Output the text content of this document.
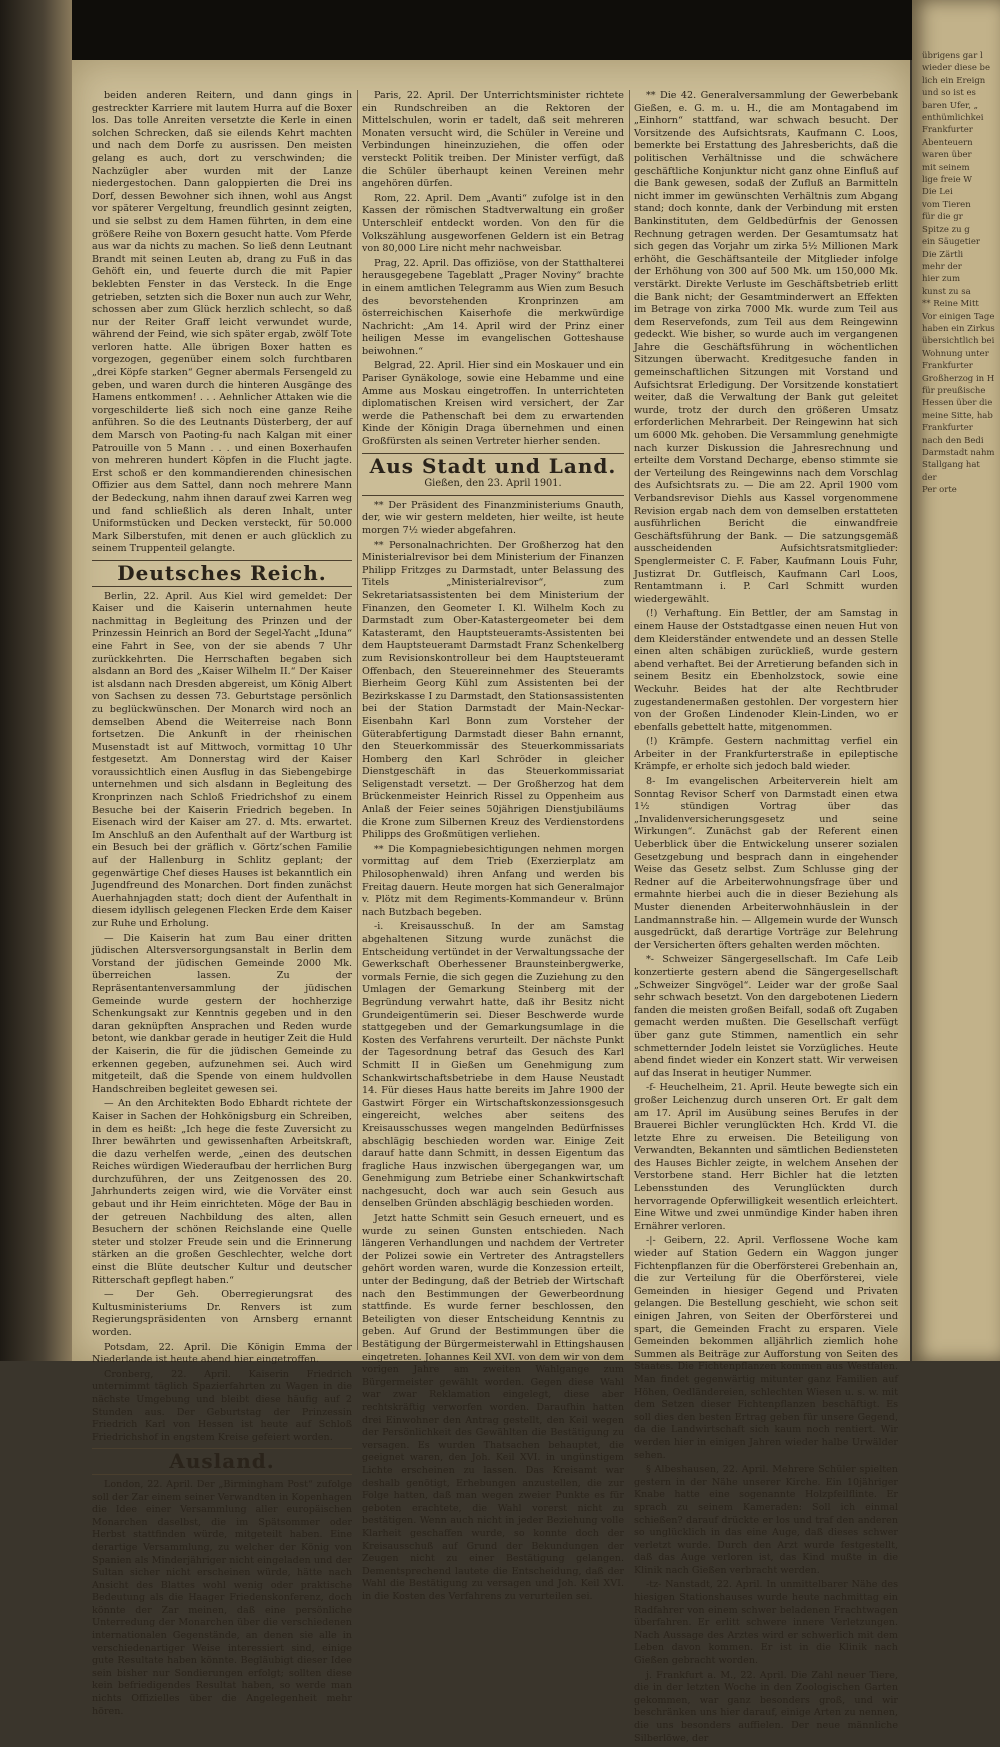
beiden anderen Reitern, und dann gings in gestreckter Karriere mit lautem Hurra auf die Boxer los. Das tolle Anreiten versetzte die Kerle in einen solchen Schrecken, daß sie eilends Kehrt machten und nach dem Dorfe zu ausrissen. Den meisten gelang es auch, dort zu verschwinden; die Nachzügler aber wurden mit der Lanze niedergestochen. Dann galoppierten die Drei ins Dorf, dessen Bewohner sich ihnen, wohl aus Angst vor späterer Vergeltung, freundlich gesinnt zeigten, und sie selbst zu dem Hamen führten, in dem eine größere Reihe von Boxern gesucht hatte. Vom Pferde aus war da nichts zu machen. So ließ denn Leutnant Brandt mit seinen Leuten ab, drang zu Fuß in das Gehöft ein, und feuerte durch die mit Papier beklebten Fenster in das Versteck. In die Enge getrieben, setzten sich die Boxer nun auch zur Wehr, schossen aber zum Glück herzlich schlecht, so daß nur der Reiter Graff leicht verwundet wurde, während der Feind, wie sich später ergab, zwölf Tote verloren hatte. Alle übrigen Boxer hatten es vorgezogen, gegenüber einem solch furchtbaren „drei Köpfe starken“ Gegner abermals Fersengeld zu geben, und waren durch die hinteren Ausgänge des Hamens entkommen! . . . Aehnlicher Attaken wie die vorgeschilderte ließ sich noch eine ganze Reihe anführen. So die des Leutnants Düsterberg, der auf dem Marsch von Paoting-fu nach Kalgan mit einer Patrouille von 5 Mann . . . und einen Boxerhaufen von mehreren hundert Köpfen in die Flucht jagte. Erst schoß er den kommandierenden chinesischen Offizier aus dem Sattel, dann noch mehrere Mann der Bedeckung, nahm ihnen darauf zwei Karren weg und fand schließlich als deren Inhalt, unter Uniformstücken und Decken versteckt, für 50.000 Mark Silberstufen, mit denen er auch glücklich zu seinem Truppenteil gelangte.

Deutsches Reich.

Berlin, 22. April. Aus Kiel wird gemeldet: Der Kaiser und die Kaiserin unternahmen heute nachmittag in Begleitung des Prinzen und der Prinzessin Heinrich an Bord der Segel-Yacht „Iduna“ eine Fahrt in See, von der sie abends 7 Uhr zurückkehrten. Die Herrschaften begaben sich alsdann an Bord des „Kaiser Wilhelm II.“ Der Kaiser ist alsdann nach Dresden abgereist, um König Albert von Sachsen zu dessen 73. Geburtstage persönlich zu beglückwünschen. Der Monarch wird noch an demselben Abend die Weiterreise nach Bonn fortsetzen. Die Ankunft in der rheinischen Musenstadt ist auf Mittwoch, vormittag 10 Uhr festgesetzt. Am Donnerstag wird der Kaiser voraussichtlich einen Ausflug in das Siebengebirge unternehmen und sich alsdann in Begleitung des Kronprinzen nach Schloß Friedrichshof zu einem Besuche bei der Kaiserin Friedrich begeben. In Eisenach wird der Kaiser am 27. d. Mts. erwartet. Im Anschluß an den Aufenthalt auf der Wartburg ist ein Besuch bei der gräflich v. Görtz’schen Familie auf der Hallenburg in Schlitz geplant; der gegenwärtige Chef dieses Hauses ist bekanntlich ein Jugendfreund des Monarchen. Dort finden zunächst Auerhahnjagden statt; doch dient der Aufenthalt in diesem idyllisch gelegenen Flecken Erde dem Kaiser zur Ruhe und Erholung.

— Die Kaiserin hat zum Bau einer dritten jüdischen Altersversorgungsanstalt in Berlin dem Vorstand der jüdischen Gemeinde 2000 Mk. überreichen lassen. Zu der Repräsentantenversammlung der jüdischen Gemeinde wurde gestern der hochherzige Schenkungsakt zur Kenntnis gegeben und in den daran geknüpften Ansprachen und Reden wurde betont, wie dankbar gerade in heutiger Zeit die Huld der Kaiserin, die für die jüdischen Gemeinde zu erkennen gegeben, aufzunehmen sei. Auch wird mitgeteilt, daß die Spende von einem huldvollen Handschreiben begleitet gewesen sei.

— An den Architekten Bodo Ebhardt richtete der Kaiser in Sachen der Hohkönigsburg ein Schreiben, in dem es heißt: „Ich hege die feste Zuversicht zu Ihrer bewährten und gewissenhaften Arbeitskraft, die dazu verhelfen werde, „einen des deutschen Reiches würdigen Wiederaufbau der herrlichen Burg durchzuführen, der uns Zeitgenossen des 20. Jahrhunderts zeigen wird, wie die Vorväter einst gebaut und ihr Heim einrichteten. Möge der Bau in der getreuen Nachbildung des alten, allen Besuchern der schönen Reichslande eine Quelle steter und stolzer Freude sein und die Erinnerung stärken an die großen Geschlechter, welche dort einst die Blüte deutscher Kultur und deutscher Ritterschaft gepflegt haben.“

— Der Geh. Oberregierungsrat des Kultusministeriums Dr. Renvers ist zum Regierungspräsidenten von Arnsberg ernannt worden.

Potsdam, 22. April. Die Königin Emma der Niederlande ist heute abend hier eingetroffen.

Cronberg, 22. April. Kaiserin Friedrich unternimmt täglich Spazierfahrten zu Wagen in die nächste Umgebung und bleibt diese häufig auf 2 Stunden aus. Der Geburtstag der Prinzessin Friedrich Karl von Hessen ist heute auf Schloß Friedrichshof in engstem Kreise gefeiert worden.

Ausland.

London, 22. April. Der „Birmingham Post“ zufolge soll der Zar einem seiner Verwandten in Kopenhagen die Idee einer Versammlung aller europäischen Monarchen daselbst, die im Spätsommer oder Herbst stattfinden würde, mitgeteilt haben. Eine derartige Versammlung, zu welcher der König von Spanien als Minderjähriger nicht eingeladen und der Sultan sicher nicht erscheinen würde, hätte nach Ansicht des Blattes wohl wenig oder praktische Bedeutung als die Haager Friedenskonferenz, doch könnte der Zar meinen, daß eine persönliche Unterredung der Monarchen über die verschiedenen internationalen Gegenstände, an denen sie alle in verschiedenartiger Weise interessiert sind, einige gute Resultate haben könnte. Begläubigt dieser Idee sein bisher nur Sondierungen erfolgt; sollten diese kein befriedigendes Resultat haben, so werde man nichts Offizielles über die Angelegenheit mehr hören.

Paris, 22. April. Der Unterrichtsminister richtete ein Rundschreiben an die Rektoren der Mittelschulen, worin er tadelt, daß seit mehreren Monaten versucht wird, die Schüler in Vereine und Verbindungen hineinzuziehen, die offen oder versteckt Politik treiben. Der Minister verfügt, daß die Schüler überhaupt keinen Vereinen mehr angehören dürfen.

Rom, 22. April. Dem „Avanti“ zufolge ist in den Kassen der römischen Stadtverwaltung ein großer Unterschleif entdeckt worden. Von den für die Volkszählung ausgeworfenen Geldern ist ein Betrag von 80,000 Lire nicht mehr nachweisbar.

Prag, 22. April. Das offiziöse, von der Statthalterei herausgegebene Tageblatt „Prager Noviny“ brachte in einem amtlichen Telegramm aus Wien zum Besuch des bevorstehenden Kronprinzen am österreichischen Kaiserhofe die merkwürdige Nachricht: „Am 14. April wird der Prinz einer heiligen Messe im evangelischen Gotteshause beiwohnen.“

Belgrad, 22. April. Hier sind ein Moskauer und ein Pariser Gynäkologe, sowie eine Hebamme und eine Amme aus Moskau eingetroffen. In unterrichteten diplomatischen Kreisen wird versichert, der Zar werde die Pathenschaft bei dem zu erwartenden Kinde der Königin Draga übernehmen und einen Großfürsten als seinen Vertreter hierher senden.

Aus Stadt und Land.
Gießen, den 23. April 1901.

** Der Präsident des Finanzministeriums Gnauth, der, wie wir gestern meldeten, hier weilte, ist heute morgen 7½ wieder abgefahren.

** Personalnachrichten. Der Großherzog hat den Ministerialrevisor bei dem Ministerium der Finanzen Philipp Fritzges zu Darmstadt, unter Belassung des Titels „Ministerialrevisor“, zum Sekretariatsassistenten bei dem Ministerium der Finanzen, den Geometer I. Kl. Wilhelm Koch zu Darmstadt zum Ober-Katastergeometer bei dem Katasteramt, den Hauptsteueramts-Assistenten bei dem Hauptsteueramt Darmstadt Franz Schenkelberg zum Revisionskontrolleur bei dem Hauptsteueramt Offenbach, den Steuereinnehmer des Steueramts Bierheim Georg Kühl zum Assistenten bei der Bezirkskasse I zu Darmstadt, den Stationsassistenten bei der Station Darmstadt der Main-Neckar-Eisenbahn Karl Bonn zum Vorsteher der Güterabfertigung Darmstadt dieser Bahn ernannt, den Steuerkommissär des Steuerkommissariats Homberg den Karl Schröder in gleicher Dienstgeschäft in das Steuerkommissariat Seligenstadt versetzt. — Der Großherzog hat dem Brückenmeister Heinrich Rissel zu Oppenheim aus Anlaß der Feier seines 50jährigen Dienstjubiläums die Krone zum Silbernen Kreuz des Verdienstordens Philipps des Großmütigen verliehen.

** Die Kompagniebesichtigungen nehmen morgen vormittag auf dem Trieb (Exerzierplatz am Philosophenwald) ihren Anfang und werden bis Freitag dauern. Heute morgen hat sich Generalmajor v. Plötz mit dem Regiments-Kommandeur v. Brünn nach Butzbach begeben.

-i. Kreisausschuß. In der am Samstag abgehaltenen Sitzung wurde zunächst die Entscheidung vertündet in der Verwaltungssache der Gewerkschaft Oberhessener Braunsteinbergwerke, vormals Fernie, die sich gegen die Zuziehung zu den Umlagen der Gemarkung Steinberg mit der Begründung verwahrt hatte, daß ihr Besitz nicht Grundeigentümerin sei. Dieser Beschwerde wurde stattgegeben und der Gemarkungsumlage in die Kosten des Verfahrens verurteilt. Der nächste Punkt der Tagesordnung betraf das Gesuch des Karl Schmitt II in Gießen um Genehmigung zum Schankwirtschaftsbetriebe in dem Hause Neustadt 14. Für dieses Haus hatte bereits im Jahre 1900 der Gastwirt Förger ein Wirtschaftskonzessionsgesuch eingereicht, welches aber seitens des Kreisausschusses wegen mangelnden Bedürfnisses abschlägig beschieden worden war. Einige Zeit darauf hatte dann Schmitt, in dessen Eigentum das fragliche Haus inzwischen übergegangen war, um Genehmigung zum Betriebe einer Schankwirtschaft nachgesucht, doch war auch sein Gesuch aus denselben Gründen abschlägig beschieden worden.

Jetzt hatte Schmitt sein Gesuch erneuert, und es wurde zu seinen Gunsten entschieden. Nach längeren Verhandlungen und nachdem der Vertreter der Polizei sowie ein Vertreter des Antragstellers gehört worden waren, wurde die Konzession erteilt, unter der Bedingung, daß der Betrieb der Wirtschaft nach den Bestimmungen der Gewerbeordnung stattfinde. Es wurde ferner beschlossen, den Beteiligten von dieser Entscheidung Kenntnis zu geben. Auf Grund der Bestimmungen über die Bestätigung der Bürgermeisterwahl in Ettingshausen eingetreten. Johannes Keil XVI. von dem wir von dem vorigen Jahre am zweiten Wahlgange zum Bürgermeister gewählt worden. Gegen diese Wahl war zwar Reklamation eingelegt, diese aber rechtskräftig verworfen worden. Daraufhin hatten drei Einwohner den Antrag gestellt, den Keil wegen der Persönlichkeit des Gewählten die Bestätigung zu versagen. Es wurden Thatsachen behauptet, die geeignet waren, den Joh. Keil XVI. in ungünstigem Lichte erscheinen zu lassen. Das Kreisamt war deshalb genötigt, Erhebungen anzustellen, die zur Folge hatten, daß man wegen zweier Punkte es für geboten erachtete, die Wahl vorerst nicht zu bestätigen. Wenn auch nicht in jeder Beziehung volle Klarheit geschaffen wurde, so konnte doch der Kreisausschuß auf Grund der Bekundungen der Zeugen nicht zu einer Bestätigung gelangen. Dementsprechend lautete die Entscheidung, daß der Wahl die Bestätigung zu versagen und Joh. Keil XVI. in die Kosten des Verfahrens zu verurteilen sei.

** Die 42. Generalversammlung der Gewerbebank Gießen, e. G. m. u. H., die am Montagabend im „Einhorn“ stattfand, war schwach besucht. Der Vorsitzende des Aufsichtsrats, Kaufmann C. Loos, bemerkte bei Erstattung des Jahresberichts, daß die politischen Verhältnisse und die schwächere geschäftliche Konjunktur nicht ganz ohne Einfluß auf die Bank gewesen, sodaß der Zufluß an Barmitteln nicht immer im gewünschten Verhältnis zum Abgang stand; doch konnte, dank der Verbindung mit ersten Bankinstituten, dem Geldbedürfnis der Genossen Rechnung getragen werden. Der Gesamtumsatz hat sich gegen das Vorjahr um zirka 5½ Millionen Mark erhöht, die Geschäftsanteile der Mitglieder infolge der Erhöhung von 300 auf 500 Mk. um 150,000 Mk. verstärkt. Direkte Verluste im Geschäftsbetrieb erlitt die Bank nicht; der Gesamtminderwert an Effekten im Betrage von zirka 7000 Mk. wurde zum Teil aus dem Reservefonds, zum Teil aus dem Reingewinn gedeckt. Wie bisher, so wurde auch im vergangenen Jahre die Geschäftsführung in wöchentlichen Sitzungen überwacht. Kreditgesuche fanden in gemeinschaftlichen Sitzungen mit Vorstand und Aufsichtsrat Erledigung. Der Vorsitzende konstatiert weiter, daß die Verwaltung der Bank gut geleitet wurde, trotz der durch den größeren Umsatz erforderlichen Mehrarbeit. Der Reingewinn hat sich um 6000 Mk. gehoben. Die Versammlung genehmigte nach kurzer Diskussion die Jahresrechnung und erteilte dem Vorstand Decharge, ebenso stimmte sie der Verteilung des Reingewinns nach dem Vorschlag des Aufsichtsrats zu. — Die am 22. April 1900 vom Verbandsrevisor Diehls aus Kassel vorgenommene Revision ergab nach dem von demselben erstatteten ausführlichen Bericht die einwandfreie Geschäftsführung der Bank. — Die satzungsgemäß ausscheidenden Aufsichtsratsmitglieder: Spenglermeister C. F. Faber, Kaufmann Louis Fuhr, Justizrat Dr. Gutfleisch, Kaufmann Carl Loos, Rentamtmann i. P. Carl Schmitt wurden wiedergewählt.

(!) Verhaftung. Ein Bettler, der am Samstag in einem Hause der Oststadtgasse einen neuen Hut von dem Kleiderständer entwendete und an dessen Stelle einen alten schäbigen zurückließ, wurde gestern abend verhaftet. Bei der Arretierung befanden sich in seinem Besitz ein Ebenholzstock, sowie eine Weckuhr. Beides hat der alte Rechtbruder zugestandenermaßen gestohlen. Der vorgestern hier von der Großen Lindenoder Klein-Linden, wo er ebenfalls gebettelt hatte, mitgenommen.

(!) Krämpfe. Gestern nachmittag verfiel ein Arbeiter in der Frankfurterstraße in epileptische Krämpfe, er erholte sich jedoch bald wieder.

8- Im evangelischen Arbeiterverein hielt am Sonntag Revisor Scherf von Darmstadt einen etwa 1½ stündigen Vortrag über das „Invalidenversicherungsgesetz und seine Wirkungen“. Zunächst gab der Referent einen Ueberblick über die Entwickelung unserer sozialen Gesetzgebung und besprach dann in eingehender Weise das Gesetz selbst. Zum Schlusse ging der Redner auf die Arbeiterwohnungsfrage über und ermahnte hierbei auch die in dieser Beziehung als Muster dienenden Arbeiterwohnhäuslein in der Landmannstraße hin. — Allgemein wurde der Wunsch ausgedrückt, daß derartige Vorträge zur Belehrung der Versicherten öfters gehalten werden möchten.

*- Schweizer Sängergesellschaft. Im Cafe Leib konzertierte gestern abend die Sängergesellschaft „Schweizer Singvögel“. Leider war der große Saal sehr schwach besetzt. Von den dargebotenen Liedern fanden die meisten großen Beifall, sodaß oft Zugaben gemacht werden mußten. Die Gesellschaft verfügt über ganz gute Stimmen, namentlich ein sehr schmetternder Jodeln leistet sie Vorzügliches. Heute abend findet wieder ein Konzert statt. Wir verweisen auf das Inserat in heutiger Nummer.

-f- Heuchelheim, 21. April. Heute bewegte sich ein großer Leichenzug durch unseren Ort. Er galt dem am 17. April im Ausübung seines Berufes in der Brauerei Bichler verunglückten Hch. Krdd VI. die letzte Ehre zu erweisen. Die Beteiligung von Verwandten, Bekannten und sämtlichen Bediensteten des Hauses Bichler zeigte, in welchem Ansehen der Verstorbene stand. Herr Bichler hat die letzten Lebensstunden des Verunglückten durch hervorragende Opferwilligkeit wesentlich erleichtert. Eine Witwe und zwei unmündige Kinder haben ihren Ernährer verloren.

-|- Geibern, 22. April. Verflossene Woche kam wieder auf Station Gedern ein Waggon junger Fichtenpflanzen für die Oberförsterei Grebenhain an, die zur Verteilung für die Oberförsterei, viele Gemeinden in hiesiger Gegend und Privaten gelangen. Die Bestellung geschieht, wie schon seit einigen Jahren, von Seiten der Oberförsterei und spart, die Gemeinden Fracht zu ersparen. Viele Gemeinden bekommen alljährlich ziemlich hohe Summen als Beiträge zur Aufforstung von Seiten des Staates. Die Fichtenpflanzen kommen aus Westfalen. Man findet gegenwärtig mitunter ganz Familien auf Höhen, Oedländereien, schlechten Wiesen u. s. w. mit dem Setzen dieser Fichtenpflanzen beschäftigt. Es soll dies den besten Ertrag geben für unsere Gegend, da die Landwirtschaft sich kaum noch rentiert. Wir werden hier in einigen Jahren wieder halbe Urwälder sehen.

§ Albeshausen, 22. April. Mehrere Schüler spielten gestern in der Nähe unserer Kirche. Ein 10jähriger Knabe hatte eine sogenannte Holzpfeilflinte. Er sprach zu seinem Kameraden: Soll ich einmal schießen? darauf drückte er los und traf den anderen so unglücklich in das eine Auge, daß dieses schwer verletzt wurde. Durch den Arzt wurde festgestellt, daß das Auge verloren ist, das Kind mußte in die Klinik nach Gießen verbracht werden.

-tz- Nanstadt, 22. April. In unmittelbarer Nähe des hiesigen Stationshauses wurde heute nachmittag ein Radfahrer von einem schwer beladenen Frachtwagen überfahren. Er erlitt schwere innere Verletzungen. Nach Aussage des Arztes wird er schwerlich mit dem Leben davon kommen. Er ist in die Klinik nach Gießen gebracht worden.

j. Frankfurt a. M., 22. April. Die Zahl neuer Tiere, die in der letzten Woche in den Zoologischen Garten gekommen, war ganz besonders groß, und wir beschränken uns hier darauf, einige Arten zu nennen, die uns besonders auffielen. Der neue männliche Silberlöwe, der

übrigens gar l
wieder diese be
lich ein Ereign
und so ist es
baren Ufer, „
enthümlichkei
Frankfurter
Abenteuern
waren über
mit seinem
lige freie W
Die Lei
vom Tieren
für die gr
Spitze zu g
ein Säugetier
Die Zärtli
mehr der
hier zum
kunst zu sa
** Reine Mitt
Vor einigen Tage
haben ein Zirkus
übersichtlich bei
Wohnung unter
Frankfurter
Großherzog in H
für preußische
Hessen über die
meine Sitte, hab
Frankfurter
nach den Bedi
Darmstadt nahm
Stallgang hat der
Per orte
